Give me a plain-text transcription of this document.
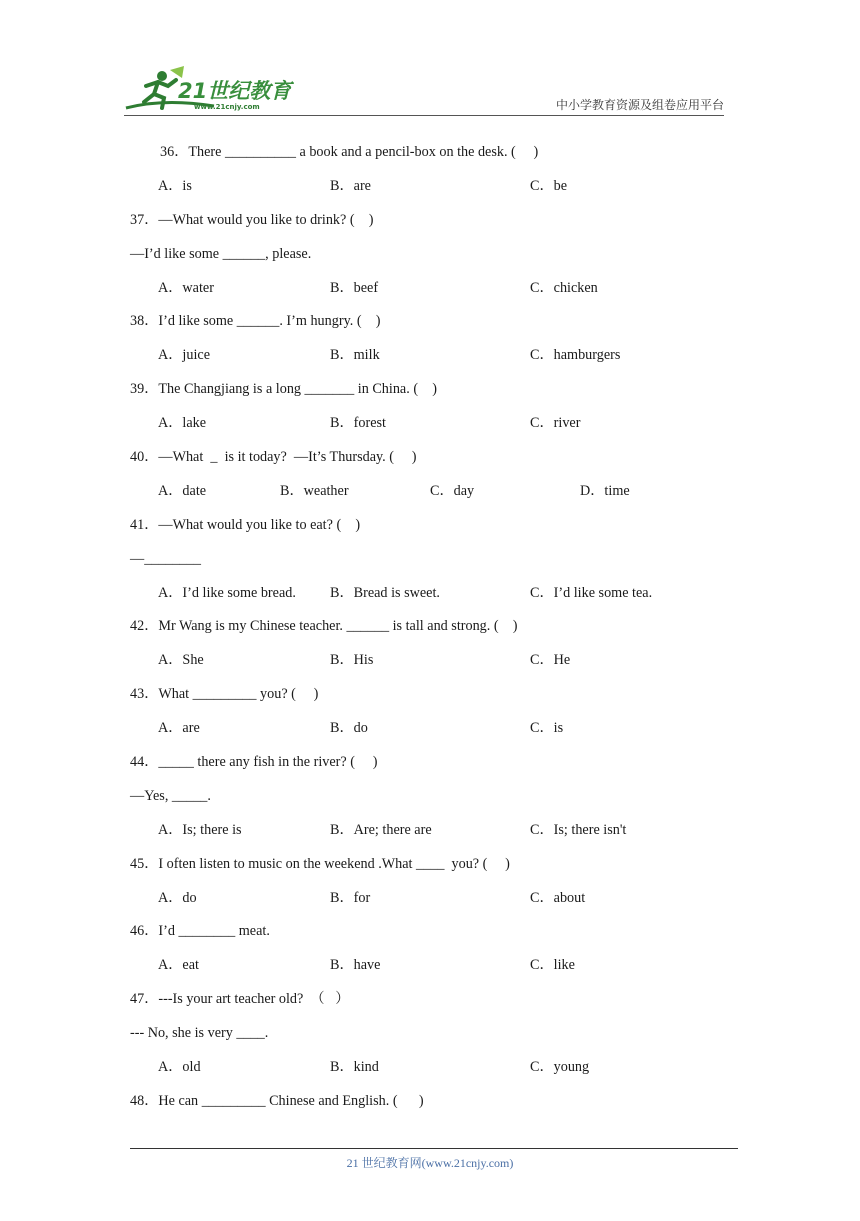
21世纪教育
www.21cnjy.com	中小学教育资源及组卷应用平台
36．There __________ a book and a pencil-box on the desk. (     )

A．is

	B．are

	C．be

37．—What would you like to drink? (    )
—I’d like some ______, please.

A．water

	B．beef

	C．chicken

38．I’d like some ______. I’m hungry. (    )

A．juice

	B．milk

	C．hamburgers

39．The Changjiang is a long _______ in China. (    )

A．lake

	B．forest

	C．river

40．—What  _  is it today?  —It’s Thursday. (     )

A．date

	B．weather

	C．day

	D．time

41．—What would you like to eat? (    )
—________

A．I’d like some bread.

B．Bread is sweet.

	C．I’d like some tea.

42．Mr Wang is my Chinese teacher. ______ is tall and strong. (    )

A．She

	B．His

	C．He

43．What _________ you? (     )

A．are

	B．do

	C．is

44．_____ there any fish in the river? (     )
—Yes, _____.

A．Is; there is

	B．Are; there are

	C．Is; there isn't

45．I often listen to music on the weekend .What ____  you? (     )

A．do

	B．for

	C．about

46．I’d ________ meat.

A．eat

	B．have

	C．like

47．---Is your art teacher old?  （   ）
--- No, she is very ____.

A．old

	B．kind

	C．young

48．He can _________ Chinese and English. (      )
21 世纪教育网(www.21cnjy.com)
